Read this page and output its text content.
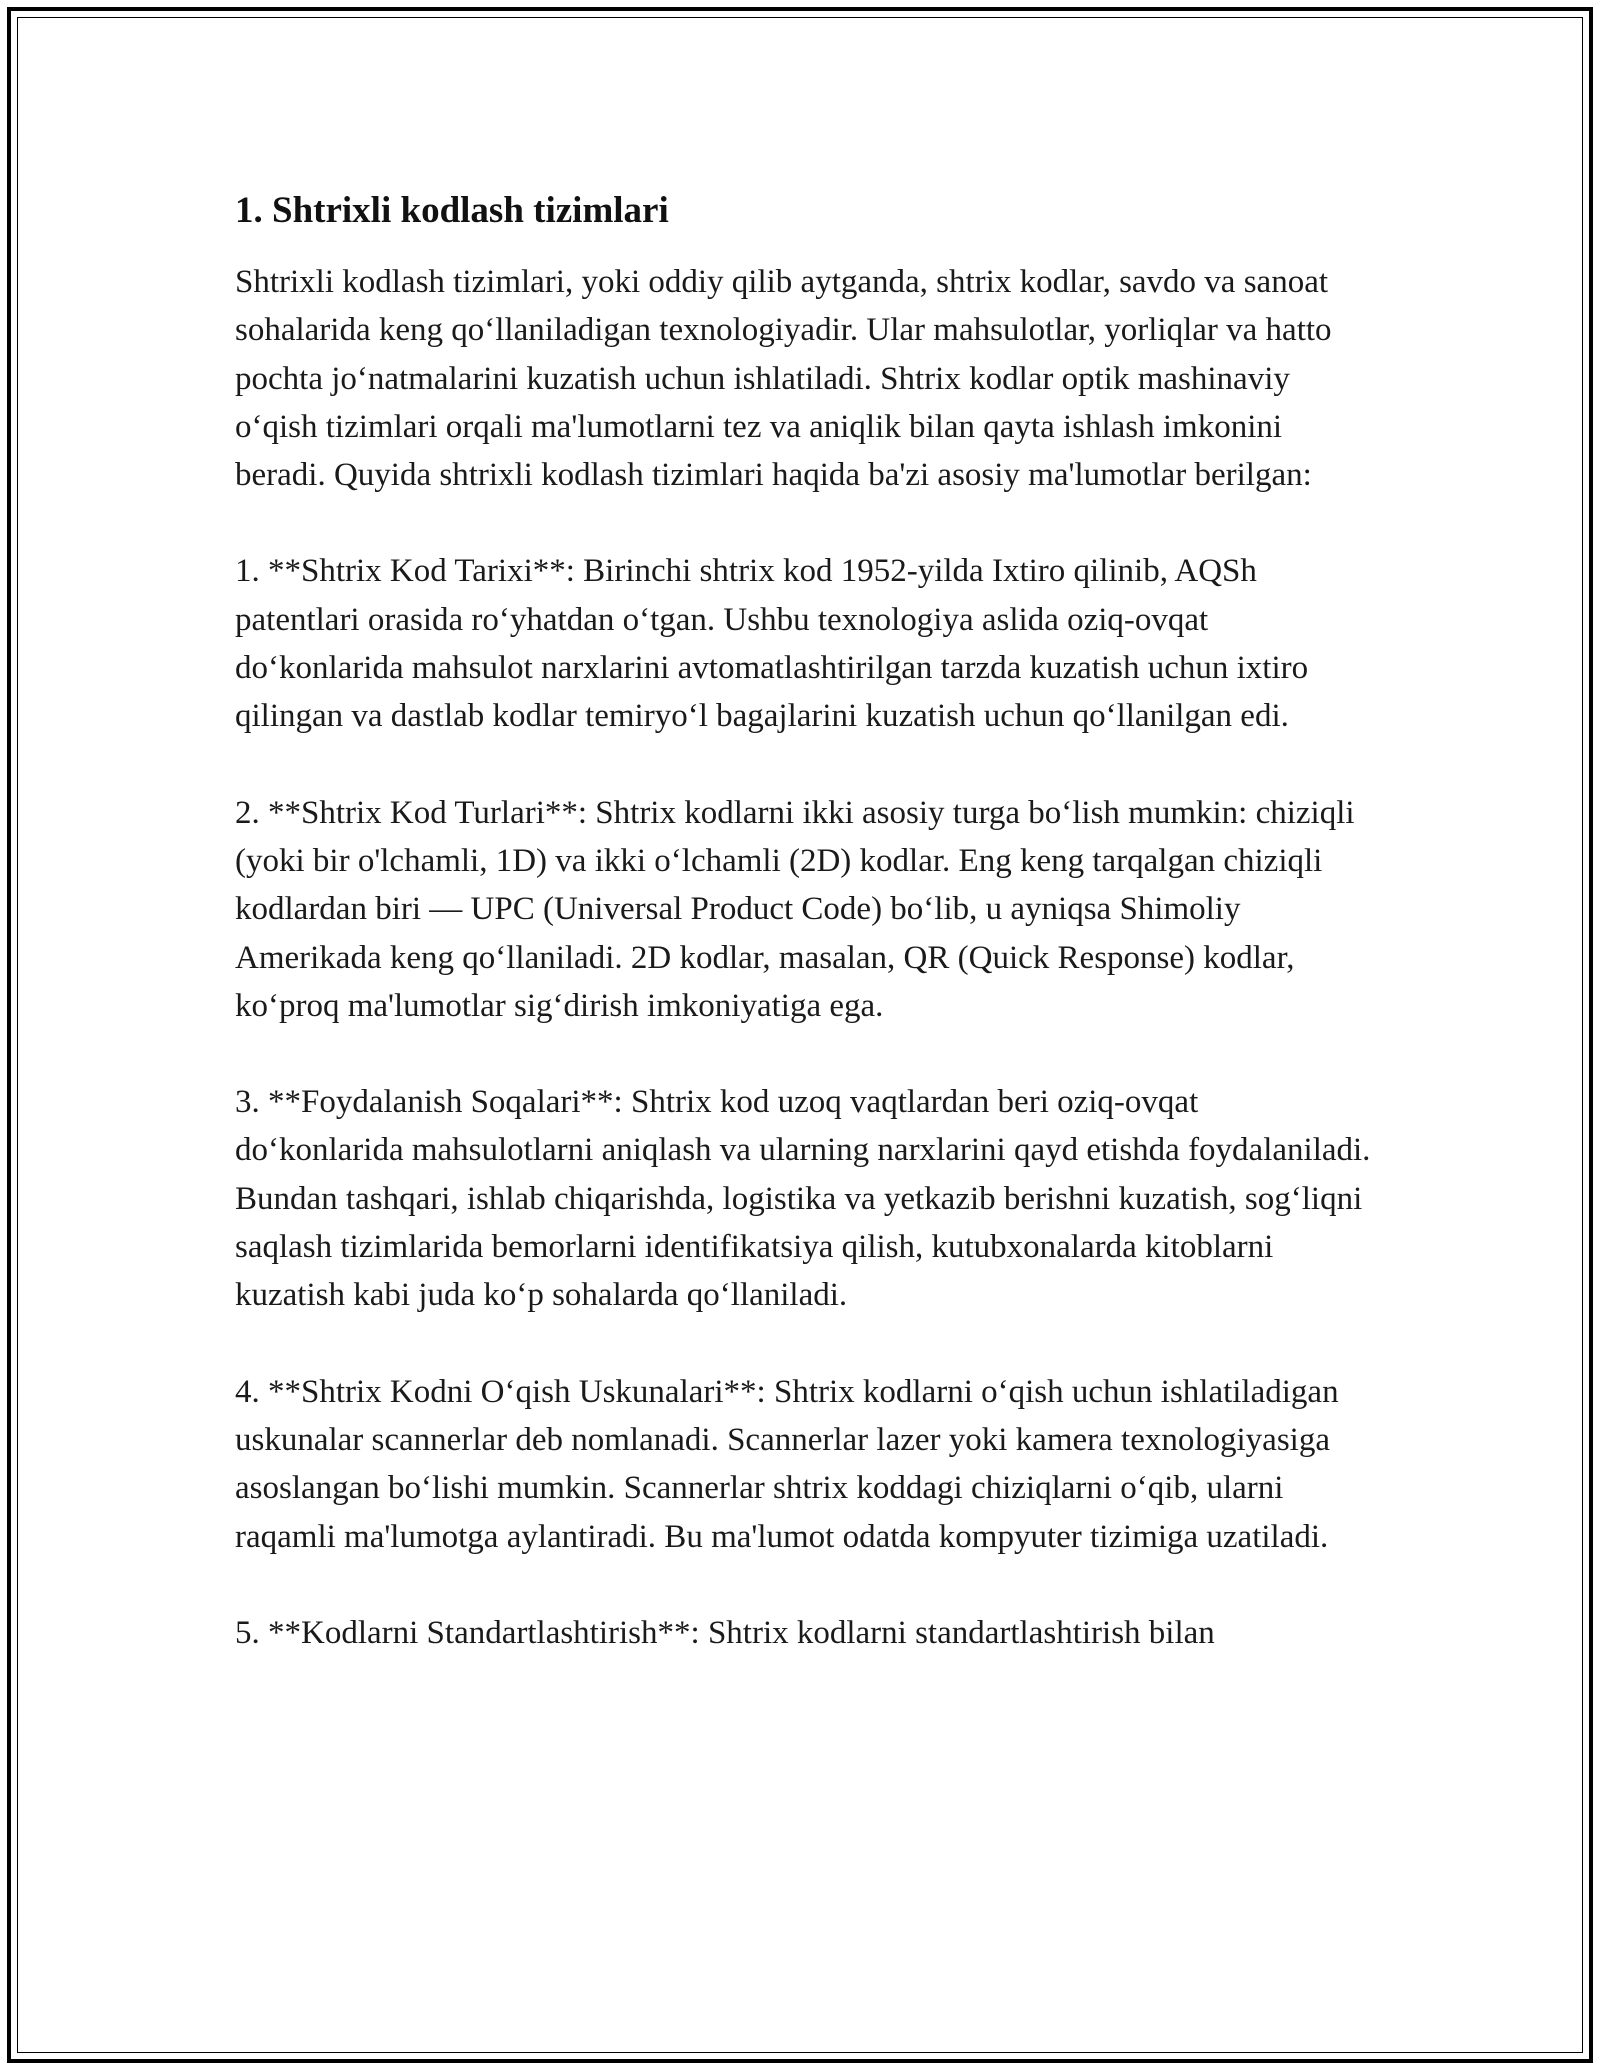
1. Shtrixli kodlash tizimlari

Shtrixli kodlash tizimlari, yoki oddiy qilib aytganda, shtrix kodlar, savdo va sanoat sohalarida keng qo‘llaniladigan texnologiyadir. Ular mahsulotlar, yorliqlar va hatto pochta jo‘natmalarini kuzatish uchun ishlatiladi. Shtrix kodlar optik mashinaviy o‘qish tizimlari orqali ma'lumotlarni tez va aniqlik bilan qayta ishlash imkonini beradi. Quyida shtrixli kodlash tizimlari haqida ba'zi asosiy ma'lumotlar berilgan:

1. **Shtrix Kod Tarixi**: Birinchi shtrix kod 1952-yilda Ixtiro qilinib, AQSh patentlari orasida ro‘yhatdan o‘tgan. Ushbu texnologiya aslida oziq-ovqat do‘konlarida mahsulot narxlarini avtomatlashtirilgan tarzda kuzatish uchun ixtiro qilingan va dastlab kodlar temiryo‘l bagajlarini kuzatish uchun qo‘llanilgan edi.

2. **Shtrix Kod Turlari**: Shtrix kodlarni ikki asosiy turga bo‘lish mumkin: chiziqli (yoki bir o'lchamli, 1D) va ikki o‘lchamli (2D) kodlar. Eng keng tarqalgan chiziqli kodlardan biri — UPC (Universal Product Code) bo‘lib, u ayniqsa Shimoliy Amerikada keng qo‘llaniladi. 2D kodlar, masalan, QR (Quick Response) kodlar, ko‘proq ma'lumotlar sig‘dirish imkoniyatiga ega.

3. **Foydalanish Soqalari**: Shtrix kod uzoq vaqtlardan beri oziq-ovqat do‘konlarida mahsulotlarni aniqlash va ularning narxlarini qayd etishda foydalaniladi. Bundan tashqari, ishlab chiqarishda, logistika va yetkazib berishni kuzatish, sog‘liqni saqlash tizimlarida bemorlarni identifikatsiya qilish, kutubxonalarda kitoblarni kuzatish kabi juda ko‘p sohalarda qo‘llaniladi.

4. **Shtrix Kodni O‘qish Uskunalari**: Shtrix kodlarni o‘qish uchun ishlatiladigan uskunalar scannerlar deb nomlanadi. Scannerlar lazer yoki kamera texnologiyasiga asoslangan bo‘lishi mumkin. Scannerlar shtrix koddagi chiziqlarni o‘qib, ularni raqamli ma'lumotga aylantiradi. Bu ma'lumot odatda kompyuter tizimiga uzatiladi.

5. **Kodlarni Standartlashtirish**: Shtrix kodlarni standartlashtirish bilan
